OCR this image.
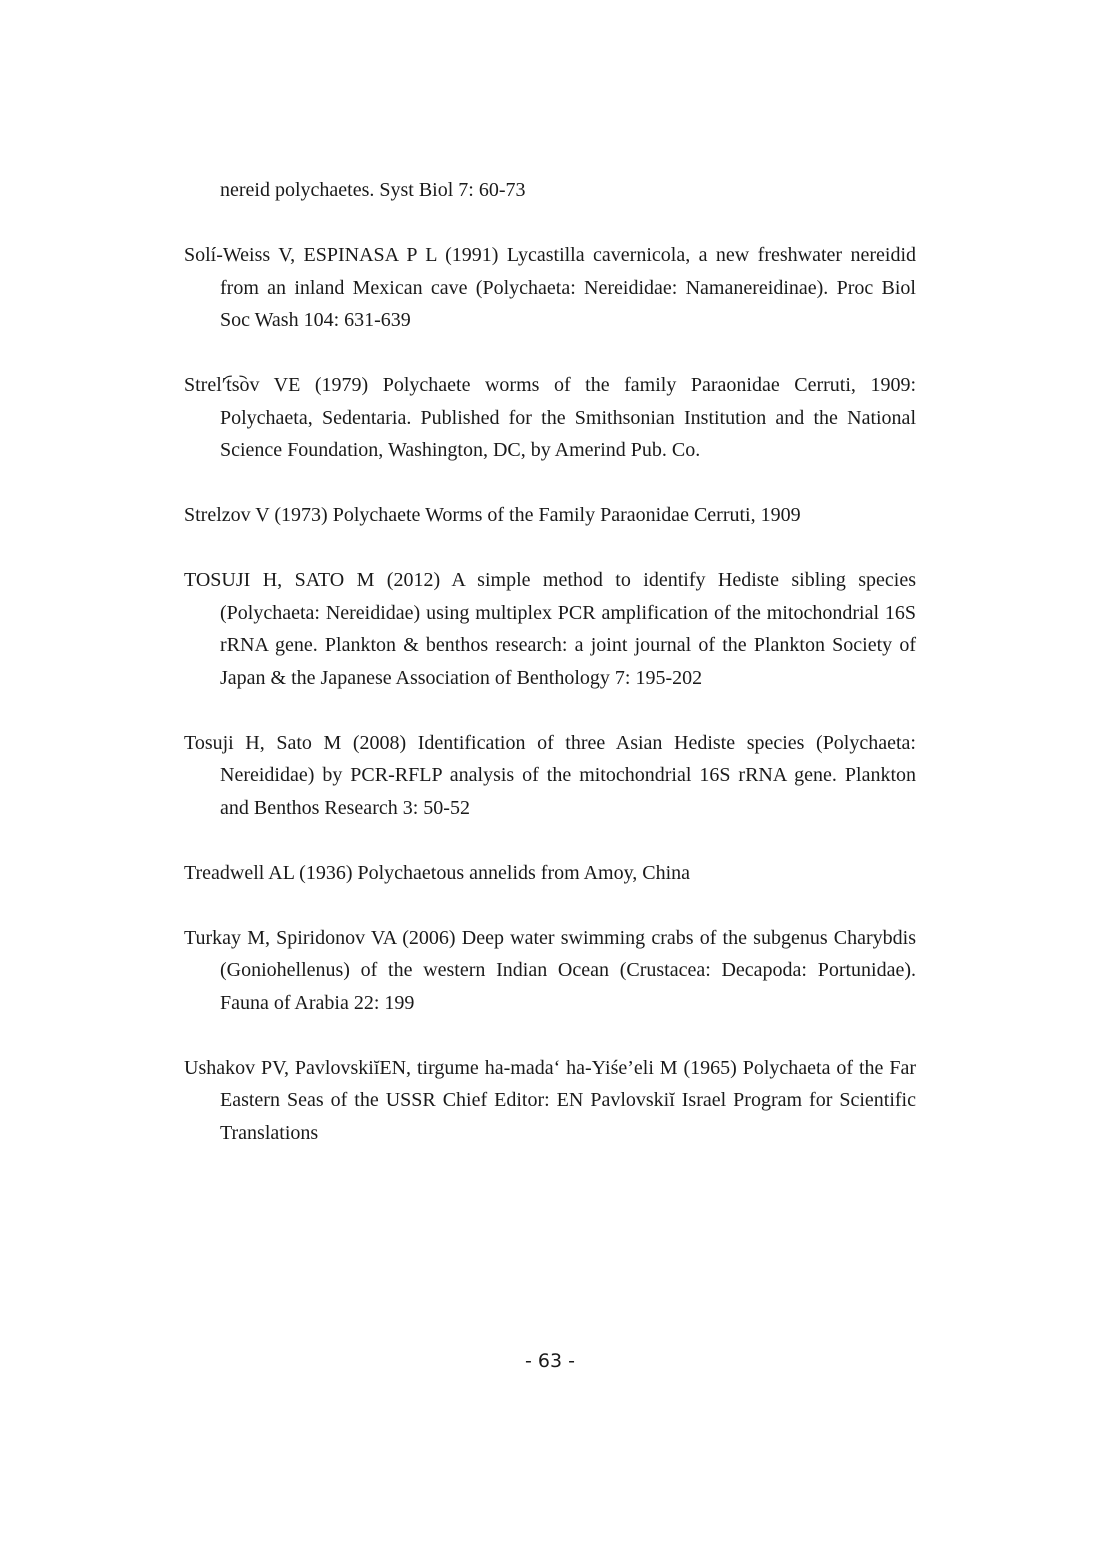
nereid polychaetes. Syst Biol 7: 60-73

Solí-Weiss V, ESPINASA P L (1991) Lycastilla cavernicola, a new freshwater nereidid from an inland Mexican cave (Polychaeta: Nereididae: Namanereidinae). Proc Biol Soc Wash 104: 631-639

Strel′t︠s︡ov VE (1979) Polychaete worms of the family Paraonidae Cerruti, 1909: Polychaeta, Sedentaria. Published for the Smithsonian Institution and the National Science Foundation, Washington, DC, by Amerind Pub. Co.

Strelzov V (1973) Polychaete Worms of the Family Paraonidae Cerruti, 1909

TOSUJI H, SATO M (2012) A simple method to identify Hediste sibling species (Polychaeta: Nereididae) using multiplex PCR amplification of the mitochondrial 16S rRNA gene. Plankton & benthos research: a joint journal of the Plankton Society of Japan & the Japanese Association of Benthology 7: 195-202

Tosuji H, Sato M (2008) Identification of three Asian Hediste species (Polychaeta: Nereididae) by PCR-RFLP analysis of the mitochondrial 16S rRNA gene. Plankton and Benthos Research 3: 50-52

Treadwell AL (1936) Polychaetous annelids from Amoy, China

Turkay M, Spiridonov VA (2006) Deep water swimming crabs of the subgenus Charybdis (Goniohellenus) of the western Indian Ocean (Crustacea: Decapoda: Portunidae). Fauna of Arabia 22: 199

Ushakov PV, PavlovskiĭEN, tirgume ha-mada‘ ha-Yiśe’eli M (1965) Polychaeta of the Far Eastern Seas of the USSR Chief Editor: EN Pavlovskiĭ Israel Program for Scientific Translations

- 63 -
